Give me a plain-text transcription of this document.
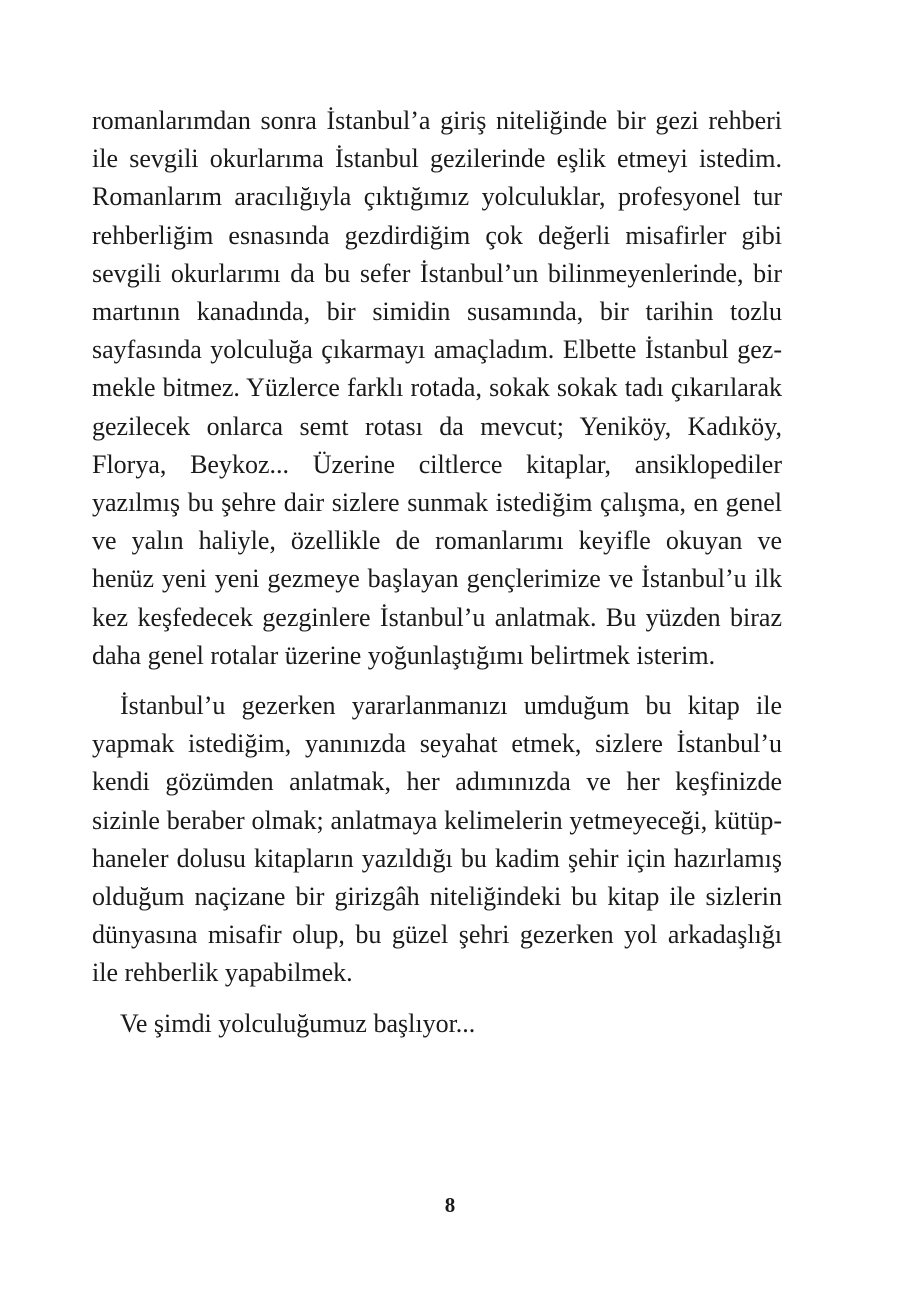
romanlarımdan sonra İstanbul’a giriş niteliğinde bir gezi rehberi ile sevgili okurlarıma İstanbul gezilerinde eşlik etmeyi istedim. Romanlarım aracılığıyla çıktığımız yolculuklar, profesyonel tur rehberliğim esnasında gezdirdiğim çok değerli misafirler gibi sevgili okurlarımı da bu sefer İstanbul’un bilinmeyenlerinde, bir martının kanadında, bir simidin susamında, bir tarihin tozlu sayfasında yolculuğa çıkarmayı amaçladım. Elbette İstanbul gezmekle bitmez. Yüzlerce farklı rotada, sokak sokak tadı çıkarılarak gezilecek onlarca semt rotası da mevcut; Yeniköy, Kadıköy, Florya, Beykoz... Üzerine ciltlerce kitaplar, ansiklopediler yazılmış bu şehre dair sizlere sunmak istediğim çalışma, en genel ve yalın haliyle, özellikle de romanlarımı keyifle okuyan ve henüz yeni yeni gezmeye başlayan gençlerimize ve İstanbul’u ilk kez keşfedecek gezginlere İstanbul’u anlatmak. Bu yüzden biraz daha genel rotalar üzerine yoğunlaştığımı belirtmek isterim.

İstanbul’u gezerken yararlanmanızı umduğum bu kitap ile yapmak istediğim, yanınızda seyahat etmek, sizlere İstanbul’u kendi gözümden anlatmak, her adımınızda ve her keşfinizde sizinle beraber olmak; anlatmaya kelimelerin yetmeyeceği, kütüphaneler dolusu kitapların yazıldığı bu kadim şehir için hazırlamış olduğum naçizane bir girizgâh niteliğindeki bu kitap ile sizlerin dünyasına misafir olup, bu güzel şehri gezerken yol arkadaşlığı ile rehberlik yapabilmek.

Ve şimdi yolculuğumuz başlıyor...

8
